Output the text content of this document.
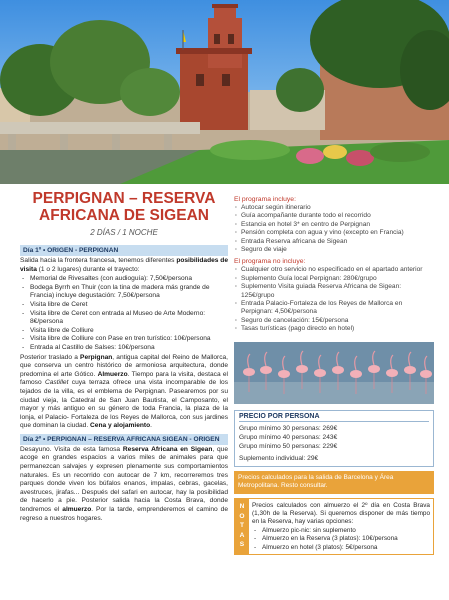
PERPIGNAN – RESERVA AFRICANA DE SIGEAN
2 DÍAS / 1 NOCHE
Día 1º • ORIGEN - PERPIGNAN
Salida hacia la frontera francesa, tenemos diferentes posibilidades de visita (1 o 2 lugares) durante el trayecto:
- Memorial de Rivesaltes (con audioguía): 7,50€/persona
- Bodega Byrrh en Thuir (con la tina de madera más grande de Francia) incluye degustación: 7,50€/persona
- Visita libre de Ceret
- Visita libre de Ceret con entrada al Museo de Arte Moderno: 8€/persona
- Visita libre de Colliure
- Visita libre de Colliure con Pase en tren turístico: 10€/persona
- Entrada al Castillo de Salses: 10€/persona
Posterior traslado a Perpignan, antigua capital del Reino de Mallorca, que conserva un centro histórico de armoniosa arquitectura, donde predomina el arte Gótico. Almuerzo. Tiempo para la visita, destaca el famoso Castillet cuya terraza ofrece una vista incomparable de los tejados de la villa, es el emblema de Perpignan. Pasearemos por su ciudad vieja, la Catedral de San Juan Bautista, el Camposanto, el mayor y más antiguo en su género de toda Francia, la plaza de la lonja, el Palacio- Fortaleza de los Reyes de Mallorca, con sus jardines que dominan la ciudad. Cena y alojamiento.
Día 2º • PERPIGNAN – RESERVA AFRICANA SIGEAN - ORIGEN
Desayuno. Visita de esta famosa Reserva Africana en Sigean, que acoge en grandes espacios a varios miles de animales para que permanezcan salvajes y expresen plenamente sus comportamientos naturales. Es un recorrido con autocar de 7 km, recorreremos tres parques donde viven los búfalos enanos, impalas, cebras, gacelas, avestruces, jirafas... Después del safari en autocar, hay la posibilidad de hacerlo a pie. Posterior salida hacia la Costa Brava, donde tendremos el almuerzo. Por la tarde, emprenderemos el camino de regreso a nuestros hogares.
El programa incluye:
· Autocar según itinerario
· Guía acompañante durante todo el recorrido
· Estancia en hotel 3* en centro de Perpignan
· Pensión completa con agua y vino (excepto en Francia)
· Entrada Reserva africana de Sigean
· Seguro de viaje
El programa no incluye:
· Cualquier otro servicio no especificado en el apartado anterior
· Suplemento Guía local Perpignan: 280€/grupo
· Suplemento Visita guiada Reserva Africana de Sigean: 125€/grupo
· Entrada Palacio-Fortaleza de los Reyes de Mallorca en Perpignan: 4,50€/persona
· Seguro de cancelación: 15€/persona
· Tasas turísticas (pago directo en hotel)
PRECIO POR PERSONA
Grupo mínimo 30 personas: 269€
Grupo mínimo 40 personas: 243€
Grupo mínimo 50 personas: 229€
Suplemento individual: 29€
Precios calculados para la salida de Barcelona y Área Metropolitana. Resto consultar.
N
O
T
A
S
Precios calculados con almuerzo el 2º día en Costa Brava (1,30h de la Reserva). Si queremos disponer de más tiempo en la Reserva, hay varias opciones:
- Almuerzo pic-nic: sin suplemento
- Almuerzo en la Reserva (3 platos): 10€/persona
- Almuerzo en hotel (3 platos): 5€/persona
